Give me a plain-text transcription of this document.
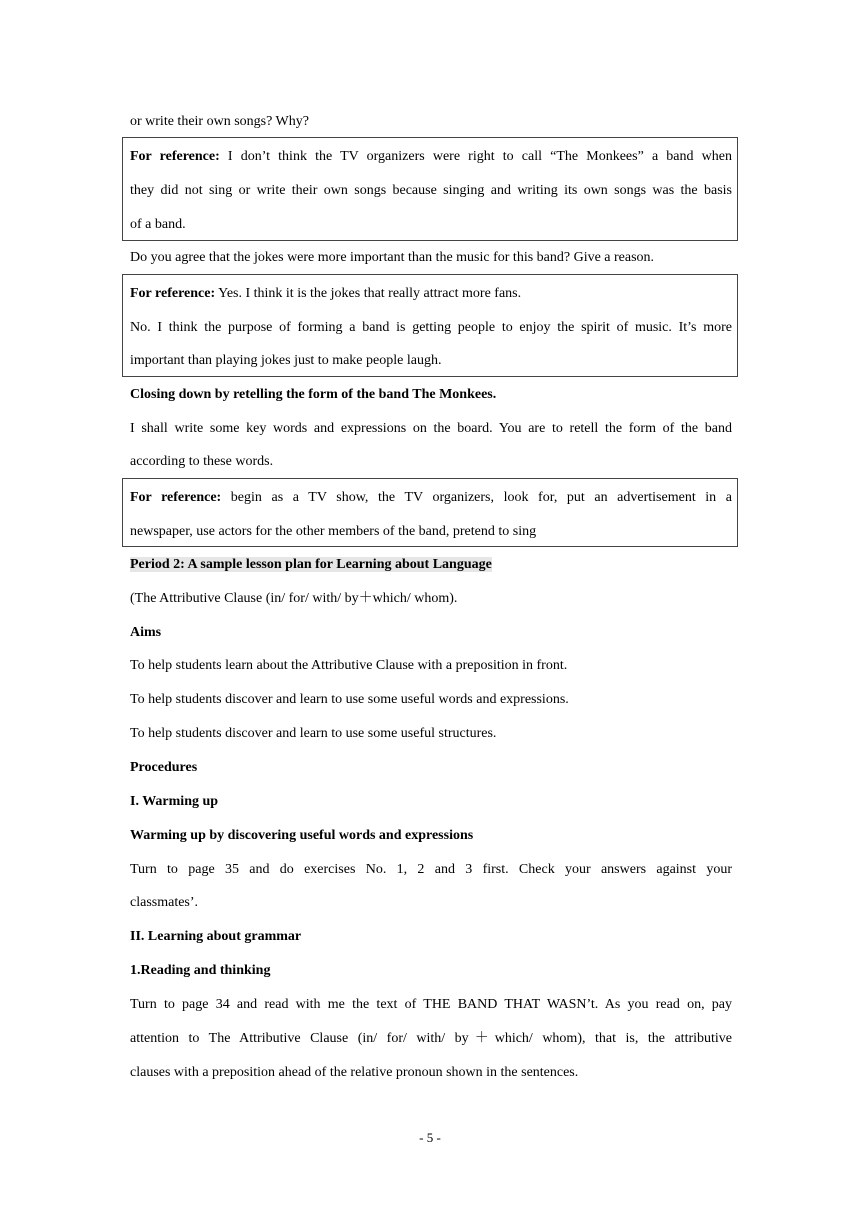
or write their own songs? Why?
For reference: I don’t think the TV organizers were right to call “The Monkees” a band when
they did not sing or write their own songs because singing and writing its own songs was the basis
of a band.
Do you agree that the jokes were more important than the music for this band? Give a reason.
For reference: Yes. I think it is the jokes that really attract more fans.
No. I think the purpose of forming a band is getting people to enjoy the spirit of music. It’s more
important than playing jokes just to make people laugh.
Closing down by retelling the form of the band The Monkees.
I shall write some key words and expressions on the board. You are to retell the form of the band
according to these words.
For reference: begin as a TV show, the TV organizers, look for, put an advertisement in a
newspaper, use actors for the other members of the band, pretend to sing
Period 2: A sample lesson plan for Learning about Language
(The Attributive Clause (in/ for/ with/ by＋which/ whom).
Aims
To help students learn about the Attributive Clause with a preposition in front.
To help students discover and learn to use some useful words and expressions.
To help students discover and learn to use some useful structures.
Procedures
I. Warming up
Warming up by discovering useful words and expressions
Turn to page 35 and do exercises No. 1, 2 and 3 first. Check your answers against your
classmates’.
II. Learning about grammar
1.Reading and thinking
Turn to page 34 and read with me the text of THE BAND THAT WASN’t. As you read on, pay
attention to The Attributive Clause (in/ for/ with/ by＋which/ whom), that is, the attributive
clauses with a preposition ahead of the relative pronoun shown in the sentences.
- 5 -
